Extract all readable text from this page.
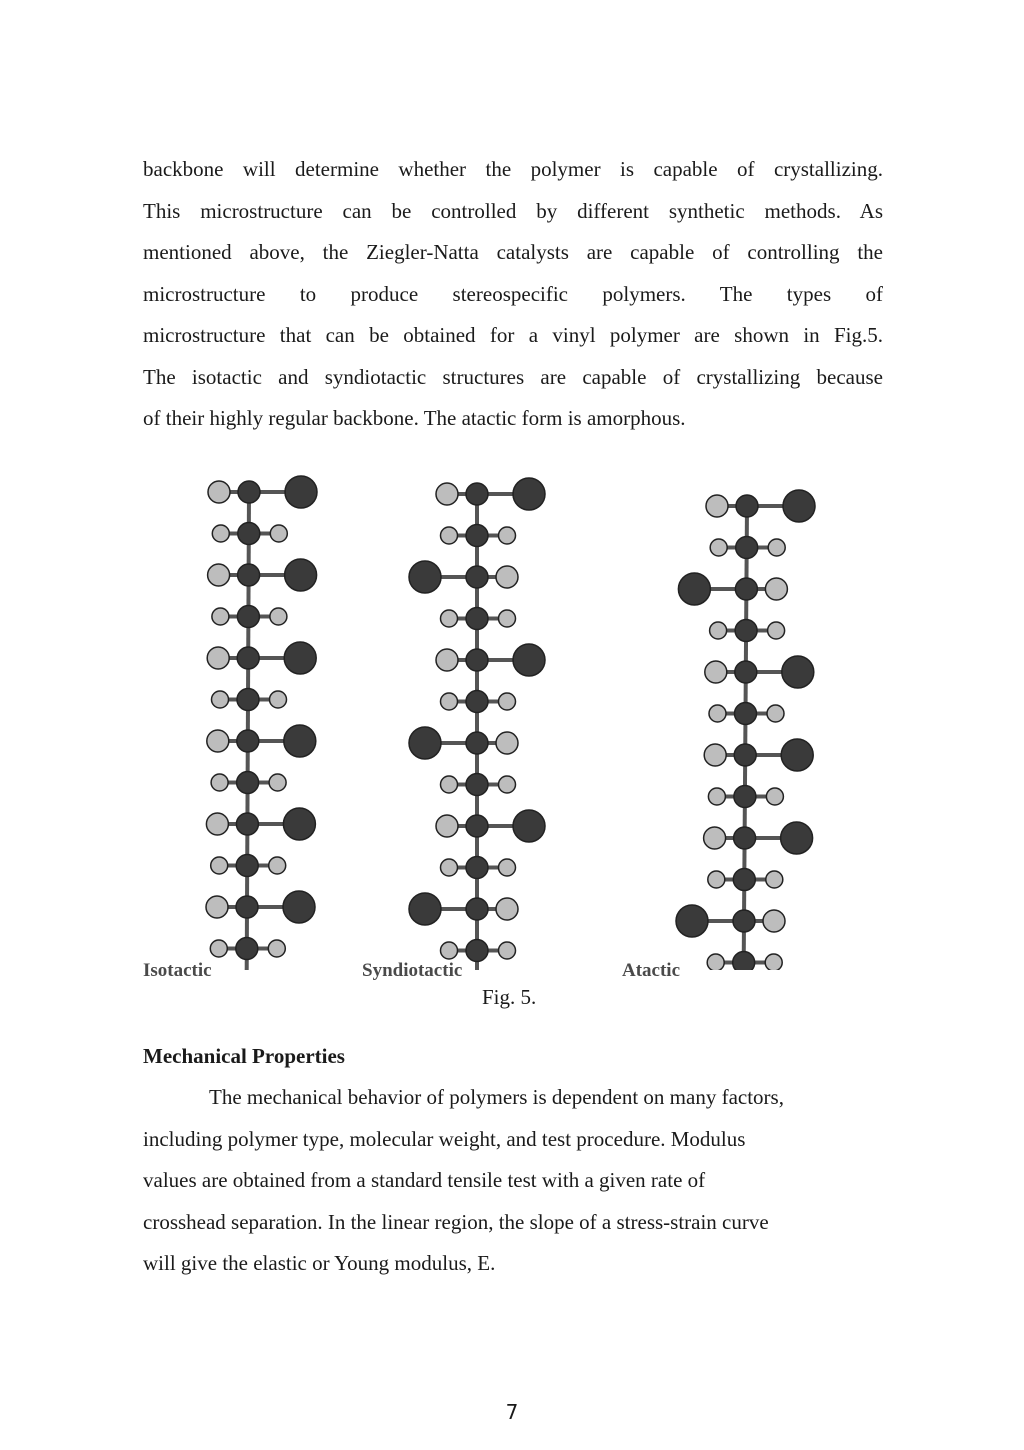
backbone will determine whether the polymer is capable of crystallizing.
This microstructure can be controlled by different synthetic methods. As
mentioned above, the Ziegler-Natta catalysts are capable of controlling the
microstructure to produce stereospecific polymers. The types of
microstructure that can be obtained for a vinyl polymer are shown in Fig.5.
The isotactic and syndiotactic structures are capable of crystallizing because
of their highly regular backbone. The atactic form is amorphous.
Isotactic	Syndiotactic	Atactic
Fig. 5.
Mechanical Properties
The mechanical behavior of polymers is dependent on many factors,
including polymer type, molecular weight, and test procedure. Modulus
values are obtained from a standard tensile test with a given rate of
crosshead separation. In the linear region, the slope of a stress-strain curve
will give the elastic or Young modulus, E.
7
